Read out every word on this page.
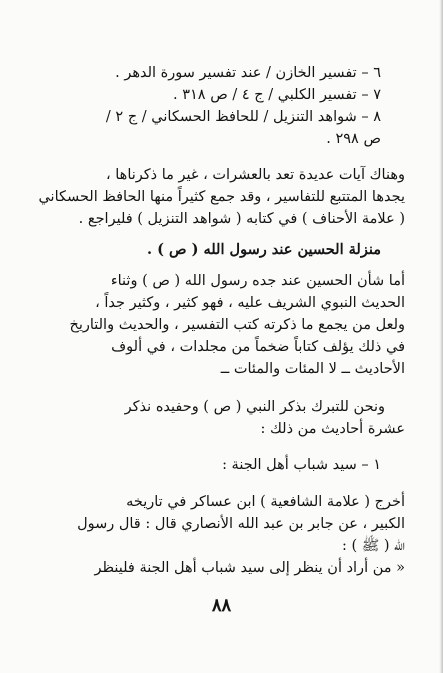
٦ – تفسير الخازن / عند تفسير سورة الدهر .
٧ – تفسير الكلبي / ج ٤ / ص ٣١٨ .
٨ – شواهد التنزيل / للحافظ الحسكاني / ج ٢ /
ص ٢٩٨ .
وهناك آيات عديدة تعد بالعشرات ، غير ما ذكرناها ،
يجدها المتتبع للتفاسير ، وقد جمع كثيراً منها الحافظ الحسكاني
( علامة الأحناف ) في كتابه ( شواهد التنزيل ) فليراجع .
منزلة الحسين عند رسول الله ( ص ) .
أما شأن الحسين عند جده رسول الله ( ص ) وثناء
الحديث النبوي الشريف عليه ، فهو كثير ، وكثير جداً ،
ولعل من يجمع ما ذكرته كتب التفسير ، والحديث والتاريخ
في ذلك يؤلف كتاباً ضخماً من مجلدات ، في ألوف
الأحاديث ــ لا المئات والمئات ــ
ونحن للتبرك بذكر النبي ( ص ) وحفيده نذكر
عشرة أحاديث من ذلك :
١ – سيد شباب أهل الجنة :
أخرج ( علامة الشافعية ) ابن عساكر في تاريخه
الكبير ، عن جابر بن عبد الله الأنصاري قال : قال رسول
الله ( ﷺ ) :
« من أراد أن ينظر إلى سيد شباب أهل الجنة فلينظر
٨٨
